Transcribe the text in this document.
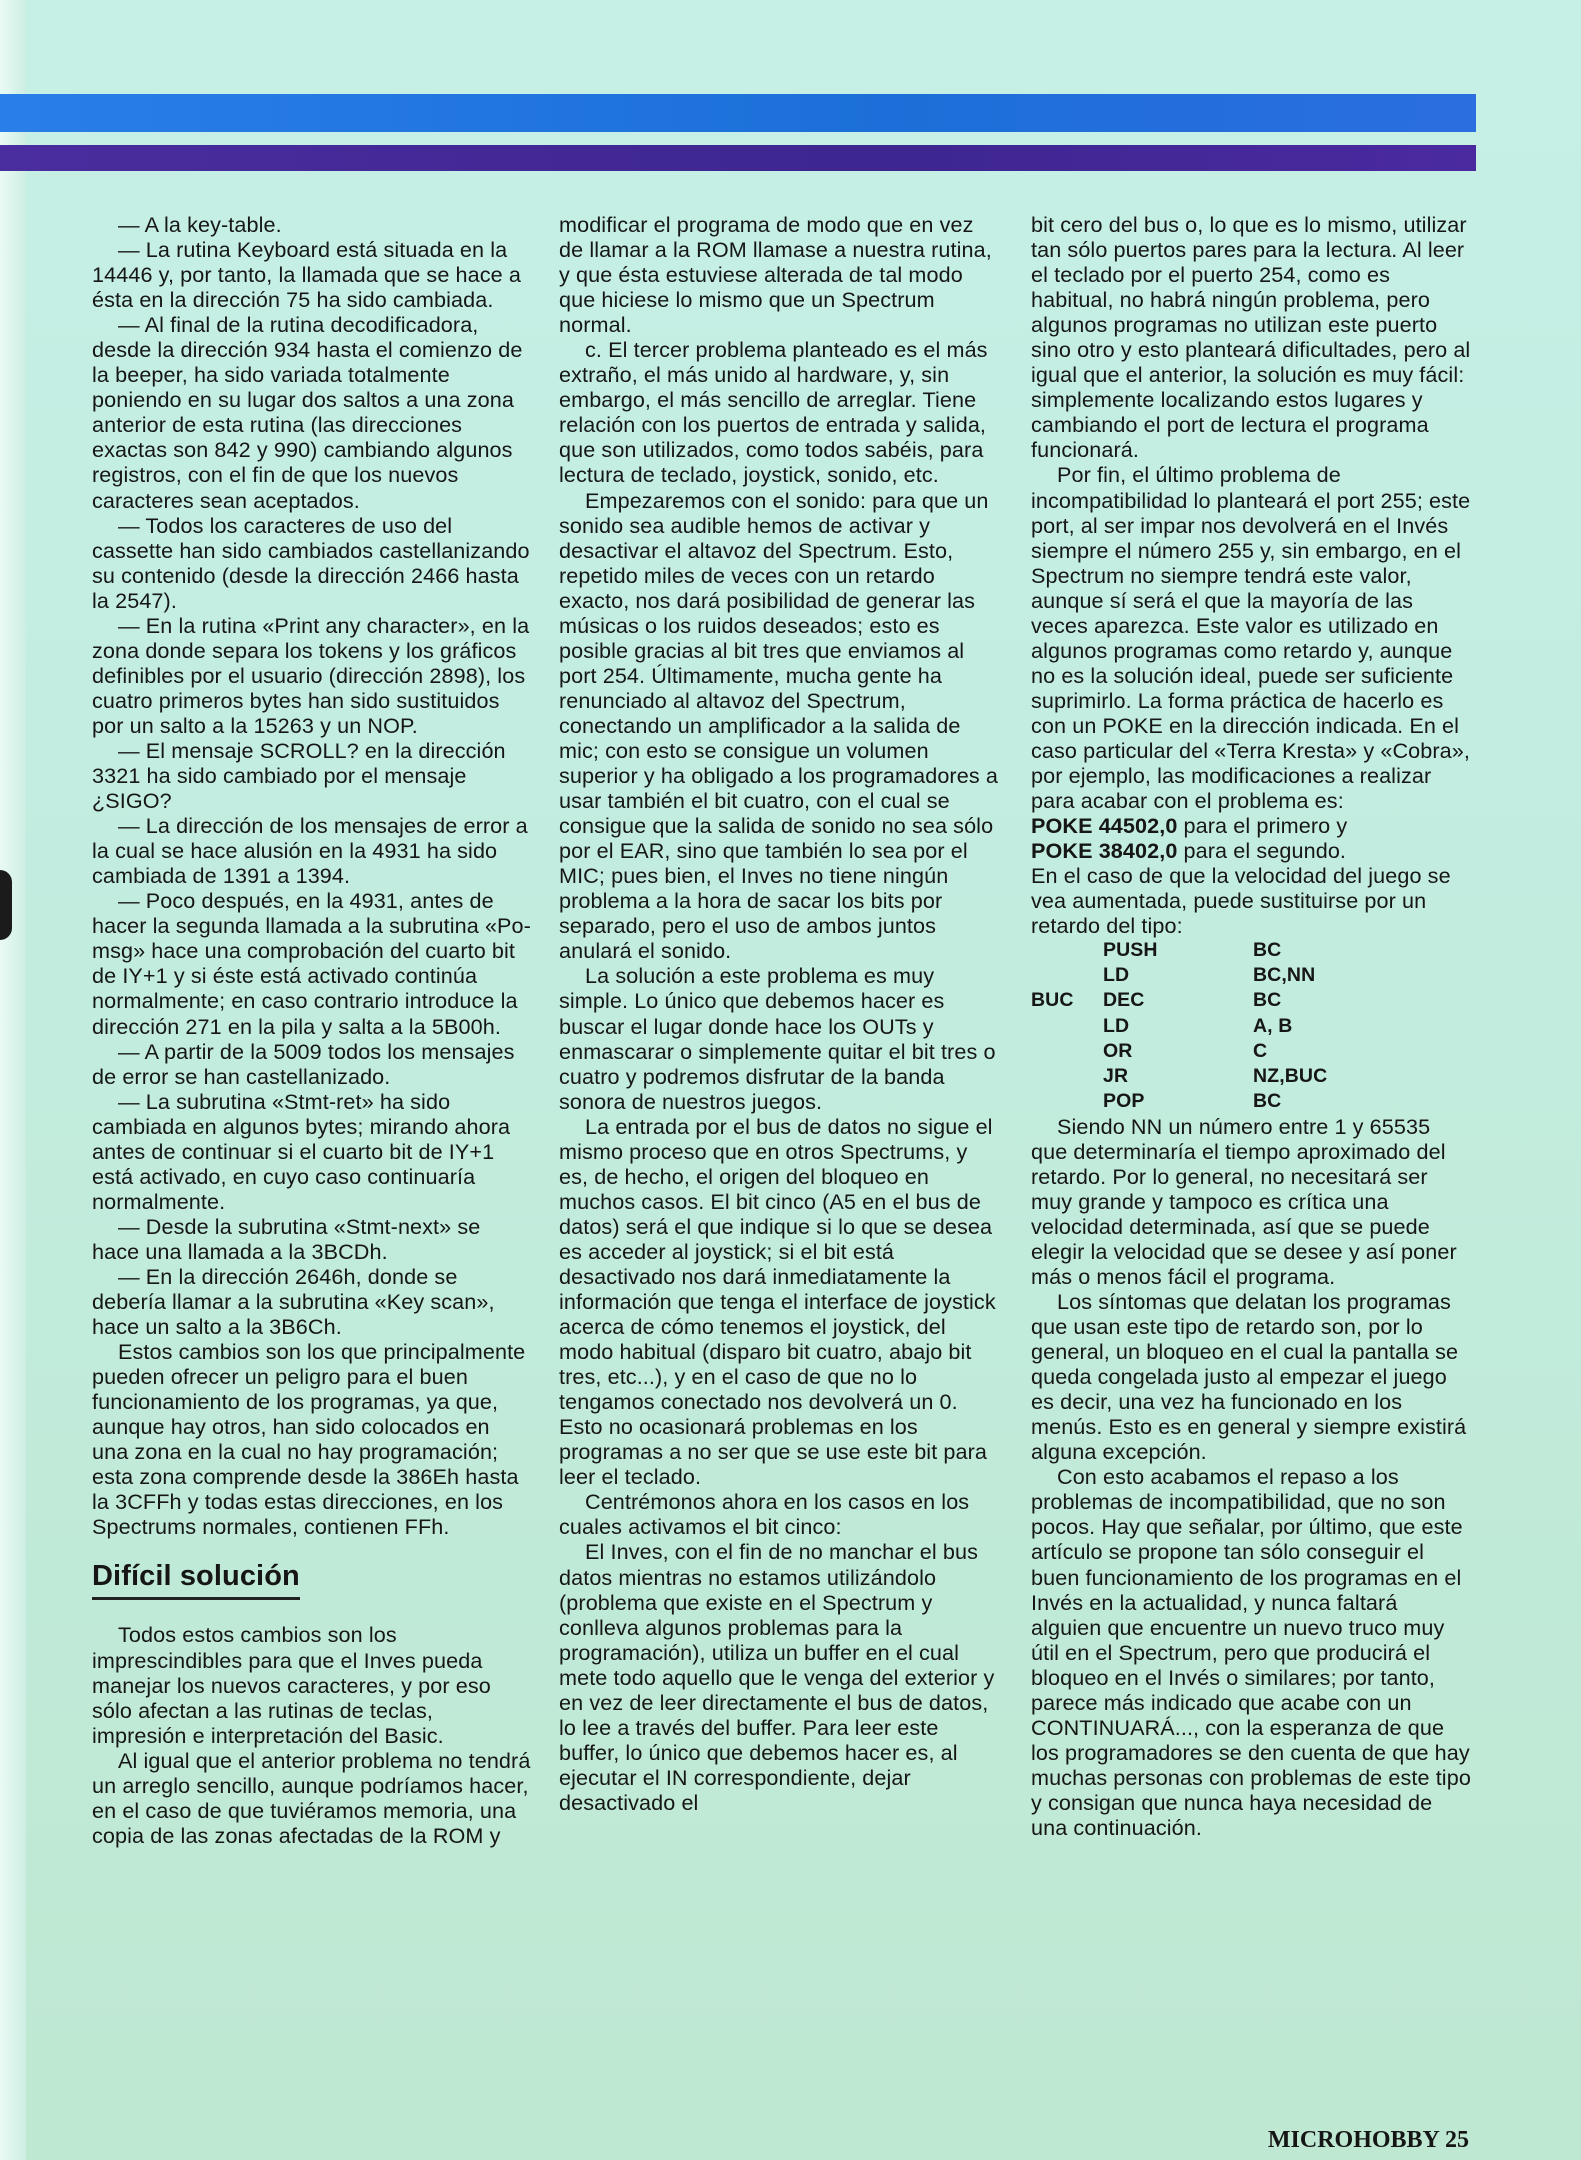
— A la key-table.

— La rutina Keyboard está situada en la 14446 y, por tanto, la llamada que se hace a ésta en la dirección 75 ha sido cambiada.

— Al final de la rutina decodificadora, desde la dirección 934 hasta el comienzo de la beeper, ha sido variada totalmente poniendo en su lugar dos saltos a una zona anterior de esta rutina (las direcciones exactas son 842 y 990) cambiando algunos registros, con el fin de que los nuevos caracteres sean aceptados.

— Todos los caracteres de uso del cassette han sido cambiados castellanizando su contenido (desde la dirección 2466 hasta la 2547).

— En la rutina «Print any character», en la zona donde separa los tokens y los gráficos definibles por el usuario (dirección 2898), los cuatro primeros bytes han sido sustituidos por un salto a la 15263 y un NOP.

— El mensaje SCROLL? en la dirección 3321 ha sido cambiado por el mensaje ¿SIGO?

— La dirección de los mensajes de error a la cual se hace alusión en la 4931 ha sido cambiada de 1391 a 1394.

— Poco después, en la 4931, antes de hacer la segunda llamada a la subrutina «Po-msg» hace una comprobación del cuarto bit de IY+1 y si éste está activado continúa normalmente; en caso contrario introduce la dirección 271 en la pila y salta a la 5B00h.

— A partir de la 5009 todos los mensajes de error se han castellanizado.

— La subrutina «Stmt-ret» ha sido cambiada en algunos bytes; mirando ahora antes de continuar si el cuarto bit de IY+1 está activado, en cuyo caso continuaría normalmente.

— Desde la subrutina «Stmt-next» se hace una llamada a la 3BCDh.

— En la dirección 2646h, donde se debería llamar a la subrutina «Key scan», hace un salto a la 3B6Ch.

Estos cambios son los que principalmente pueden ofrecer un peligro para el buen funcionamiento de los programas, ya que, aunque hay otros, han sido colocados en una zona en la cual no hay programación; esta zona comprende desde la 386Eh hasta la 3CFFh y todas estas direcciones, en los Spectrums normales, contienen FFh.

Difícil solución

Todos estos cambios son los imprescindibles para que el Inves pueda manejar los nuevos caracteres, y por eso sólo afectan a las rutinas de teclas, impresión e interpretación del Basic.

Al igual que el anterior problema no tendrá un arreglo sencillo, aunque podríamos hacer, en el caso de que tuviéramos memoria, una copia de las zonas afectadas de la ROM y

modificar el programa de modo que en vez de llamar a la ROM llamase a nuestra rutina, y que ésta estuviese alterada de tal modo que hiciese lo mismo que un Spectrum normal.

c. El tercer problema planteado es el más extraño, el más unido al hardware, y, sin embargo, el más sencillo de arreglar. Tiene relación con los puertos de entrada y salida, que son utilizados, como todos sabéis, para lectura de teclado, joystick, sonido, etc.

Empezaremos con el sonido: para que un sonido sea audible hemos de activar y desactivar el altavoz del Spectrum. Esto, repetido miles de veces con un retardo exacto, nos dará posibilidad de generar las músicas o los ruidos deseados; esto es posible gracias al bit tres que enviamos al port 254. Últimamente, mucha gente ha renunciado al altavoz del Spectrum, conectando un amplificador a la salida de mic; con esto se consigue un volumen superior y ha obligado a los programadores a usar también el bit cuatro, con el cual se consigue que la salida de sonido no sea sólo por el EAR, sino que también lo sea por el MIC; pues bien, el Inves no tiene ningún problema a la hora de sacar los bits por separado, pero el uso de ambos juntos anulará el sonido.

La solución a este problema es muy simple. Lo único que debemos hacer es buscar el lugar donde hace los OUTs y enmascarar o simplemente quitar el bit tres o cuatro y podremos disfrutar de la banda sonora de nuestros juegos.

La entrada por el bus de datos no sigue el mismo proceso que en otros Spectrums, y es, de hecho, el origen del bloqueo en muchos casos. El bit cinco (A5 en el bus de datos) será el que indique si lo que se desea es acceder al joystick; si el bit está desactivado nos dará inmediatamente la información que tenga el interface de joystick acerca de cómo tenemos el joystick, del modo habitual (disparo bit cuatro, abajo bit tres, etc...), y en el caso de que no lo tengamos conectado nos devolverá un 0. Esto no ocasionará problemas en los programas a no ser que se use este bit para leer el teclado.

Centrémonos ahora en los casos en los cuales activamos el bit cinco:

El Inves, con el fin de no manchar el bus datos mientras no estamos utilizándolo (problema que existe en el Spectrum y conlleva algunos problemas para la programación), utiliza un buffer en el cual mete todo aquello que le venga del exterior y en vez de leer directamente el bus de datos, lo lee a través del buffer. Para leer este buffer, lo único que debemos hacer es, al ejecutar el IN correspondiente, dejar desactivado el

bit cero del bus o, lo que es lo mismo, utilizar tan sólo puertos pares para la lectura. Al leer el teclado por el puerto 254, como es habitual, no habrá ningún problema, pero algunos programas no utilizan este puerto sino otro y esto planteará dificultades, pero al igual que el anterior, la solución es muy fácil: simplemente localizando estos lugares y cambiando el port de lectura el programa funcionará.

Por fin, el último problema de incompatibilidad lo planteará el port 255; este port, al ser impar nos devolverá en el Invés siempre el número 255 y, sin embargo, en el Spectrum no siempre tendrá este valor, aunque sí será el que la mayoría de las veces aparezca. Este valor es utilizado en algunos programas como retardo y, aunque no es la solución ideal, puede ser suficiente suprimirlo. La forma práctica de hacerlo es con un POKE en la dirección indicada. En el caso particular del «Terra Kresta» y «Cobra», por ejemplo, las modificaciones a realizar para acabar con el problema es:

POKE 44502,0 para el primero y

POKE 38402,0 para el segundo.

En el caso de que la velocidad del juego se vea aumentada, puede sustituirse por un retardo del tipo:

	PUSH	BC
	LD	BC,NN
BUC	DEC	BC
	LD	A, B
	OR	C
	JR	NZ,BUC
	POP	BC

Siendo NN un número entre 1 y 65535 que determinaría el tiempo aproximado del retardo. Por lo general, no necesitará ser muy grande y tampoco es crítica una velocidad determinada, así que se puede elegir la velocidad que se desee y así poner más o menos fácil el programa.

Los síntomas que delatan los programas que usan este tipo de retardo son, por lo general, un bloqueo en el cual la pantalla se queda congelada justo al empezar el juego es decir, una vez ha funcionado en los menús. Esto es en general y siempre existirá alguna excepción.

Con esto acabamos el repaso a los problemas de incompatibilidad, que no son pocos. Hay que señalar, por último, que este artículo se propone tan sólo conseguir el buen funcionamiento de los programas en el Invés en la actualidad, y nunca faltará alguien que encuentre un nuevo truco muy útil en el Spectrum, pero que producirá el bloqueo en el Invés o similares; por tanto, parece más indicado que acabe con un CONTINUARÁ..., con la esperanza de que los programadores se den cuenta de que hay muchas personas con problemas de este tipo y consigan que nunca haya necesidad de una continuación.

MICROHOBBY 25
